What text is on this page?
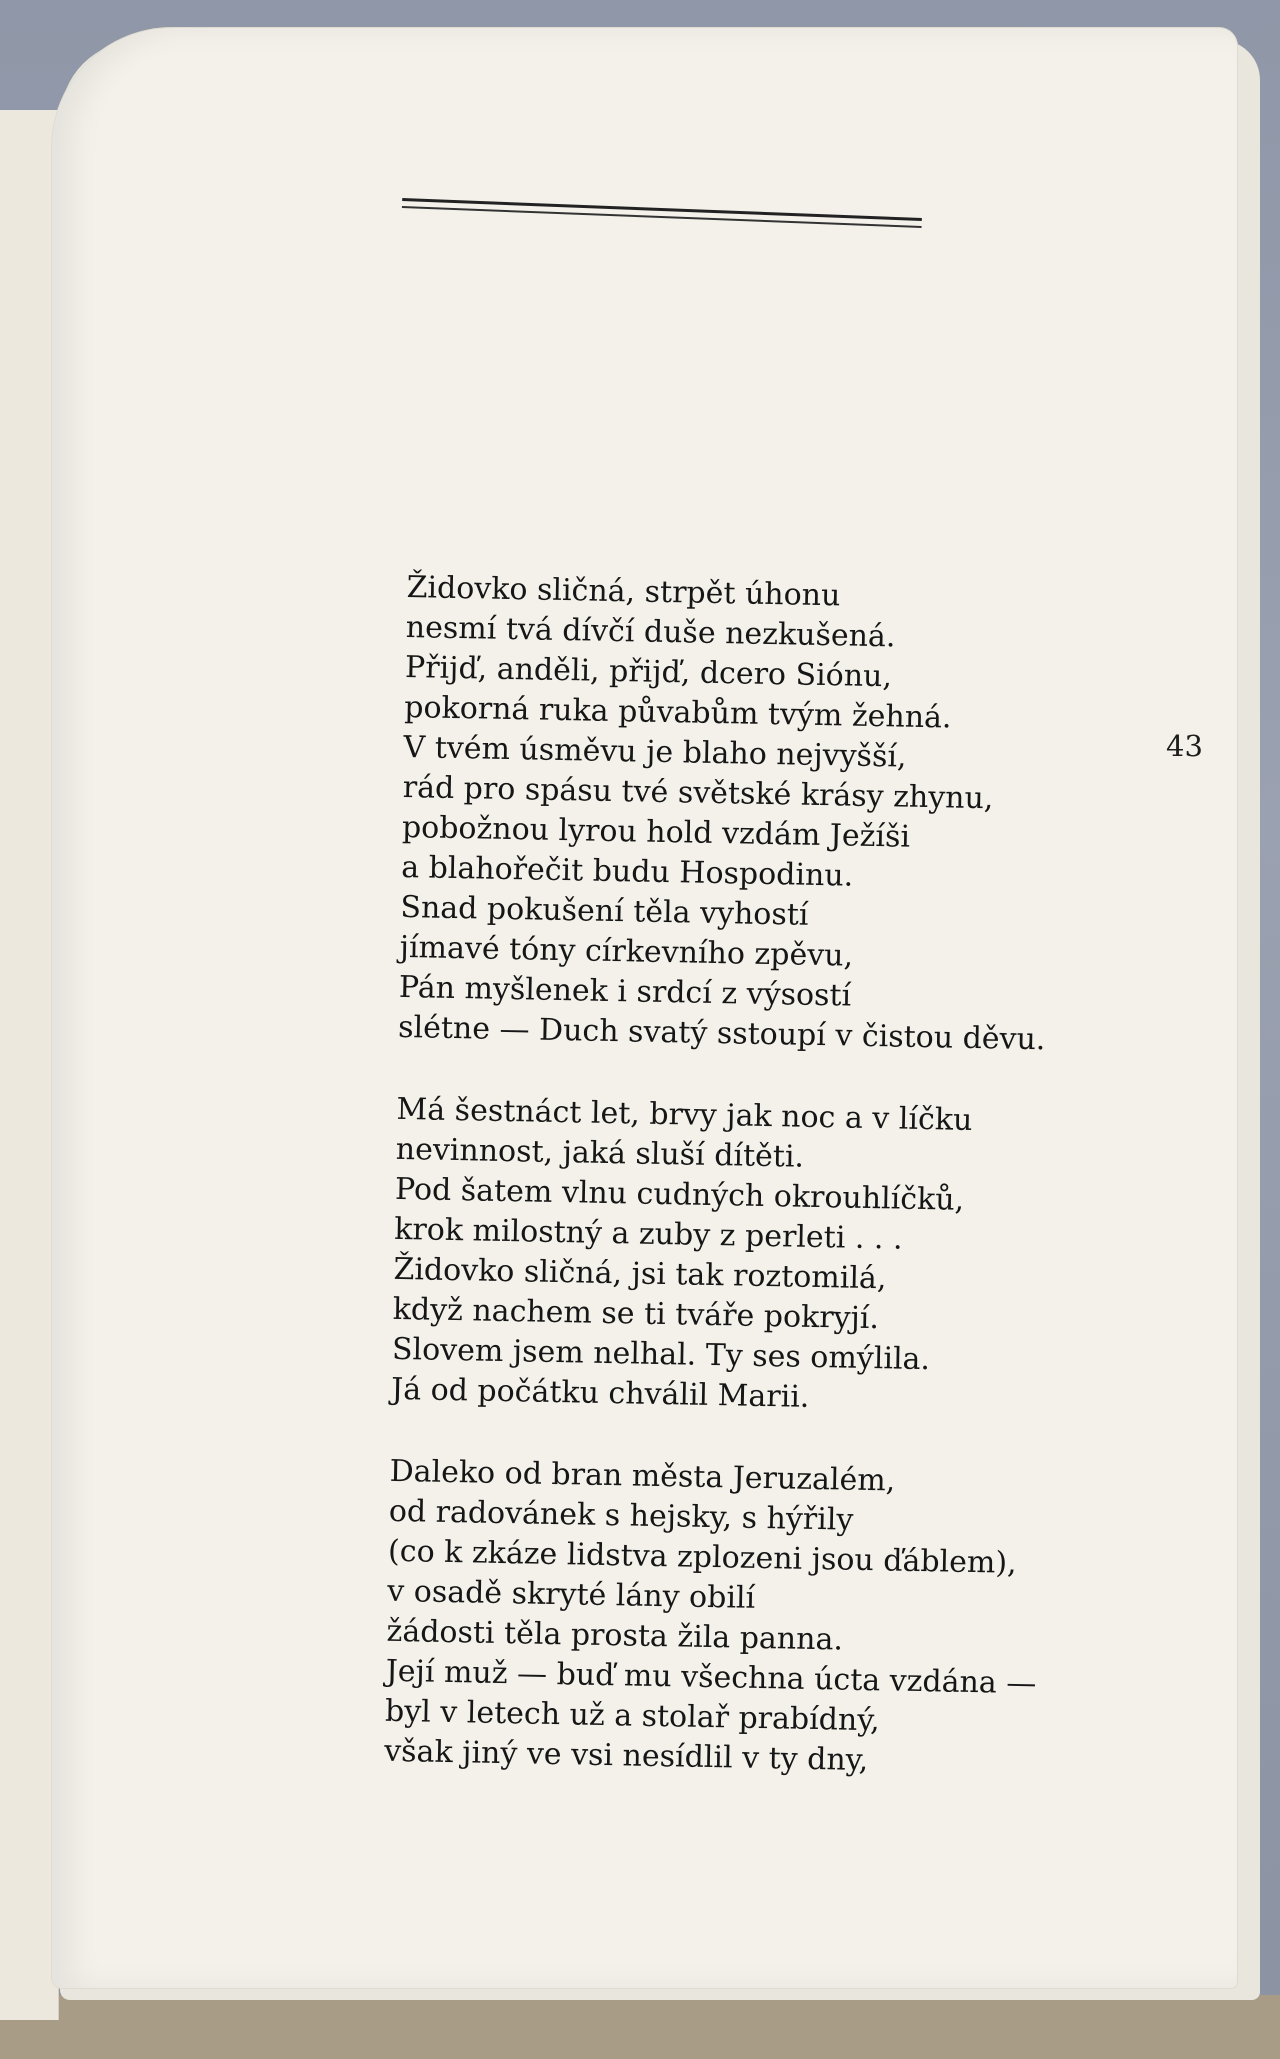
43
Židovko sličná, strpět úhonu
nesmí tvá dívčí duše nezkušená.
Přijď, anděli, přijď, dcero Siónu,
pokorná ruka půvabům tvým žehná.
V tvém úsměvu je blaho nejvyšší,
rád pro spásu tvé světské krásy zhynu,
pobožnou lyrou hold vzdám Ježíši
a blahořečit budu Hospodinu.
Snad pokušení těla vyhostí
jímavé tóny církevního zpěvu,
Pán myšlenek i srdcí z výsostí
slétne — Duch svatý sstoupí v čistou děvu.
Má šestnáct let, brvy jak noc a v líčku
nevinnost, jaká sluší dítěti.
Pod šatem vlnu cudných okrouhlíčků,
krok milostný a zuby z perleti . . .
Židovko sličná, jsi tak roztomilá,
když nachem se ti tváře pokryjí.
Slovem jsem nelhal. Ty ses omýlila.
Já od počátku chválil Marii.
Daleko od bran města Jeruzalém,
od radovánek s hejsky, s hýřily
(co k zkáze lidstva zplozeni jsou ďáblem),
v osadě skryté lány obilí
žádosti těla prosta žila panna.
Její muž — buď mu všechna úcta vzdána —
byl v letech už a stolař prabídný,
však jiný ve vsi nesídlil v ty dny,
